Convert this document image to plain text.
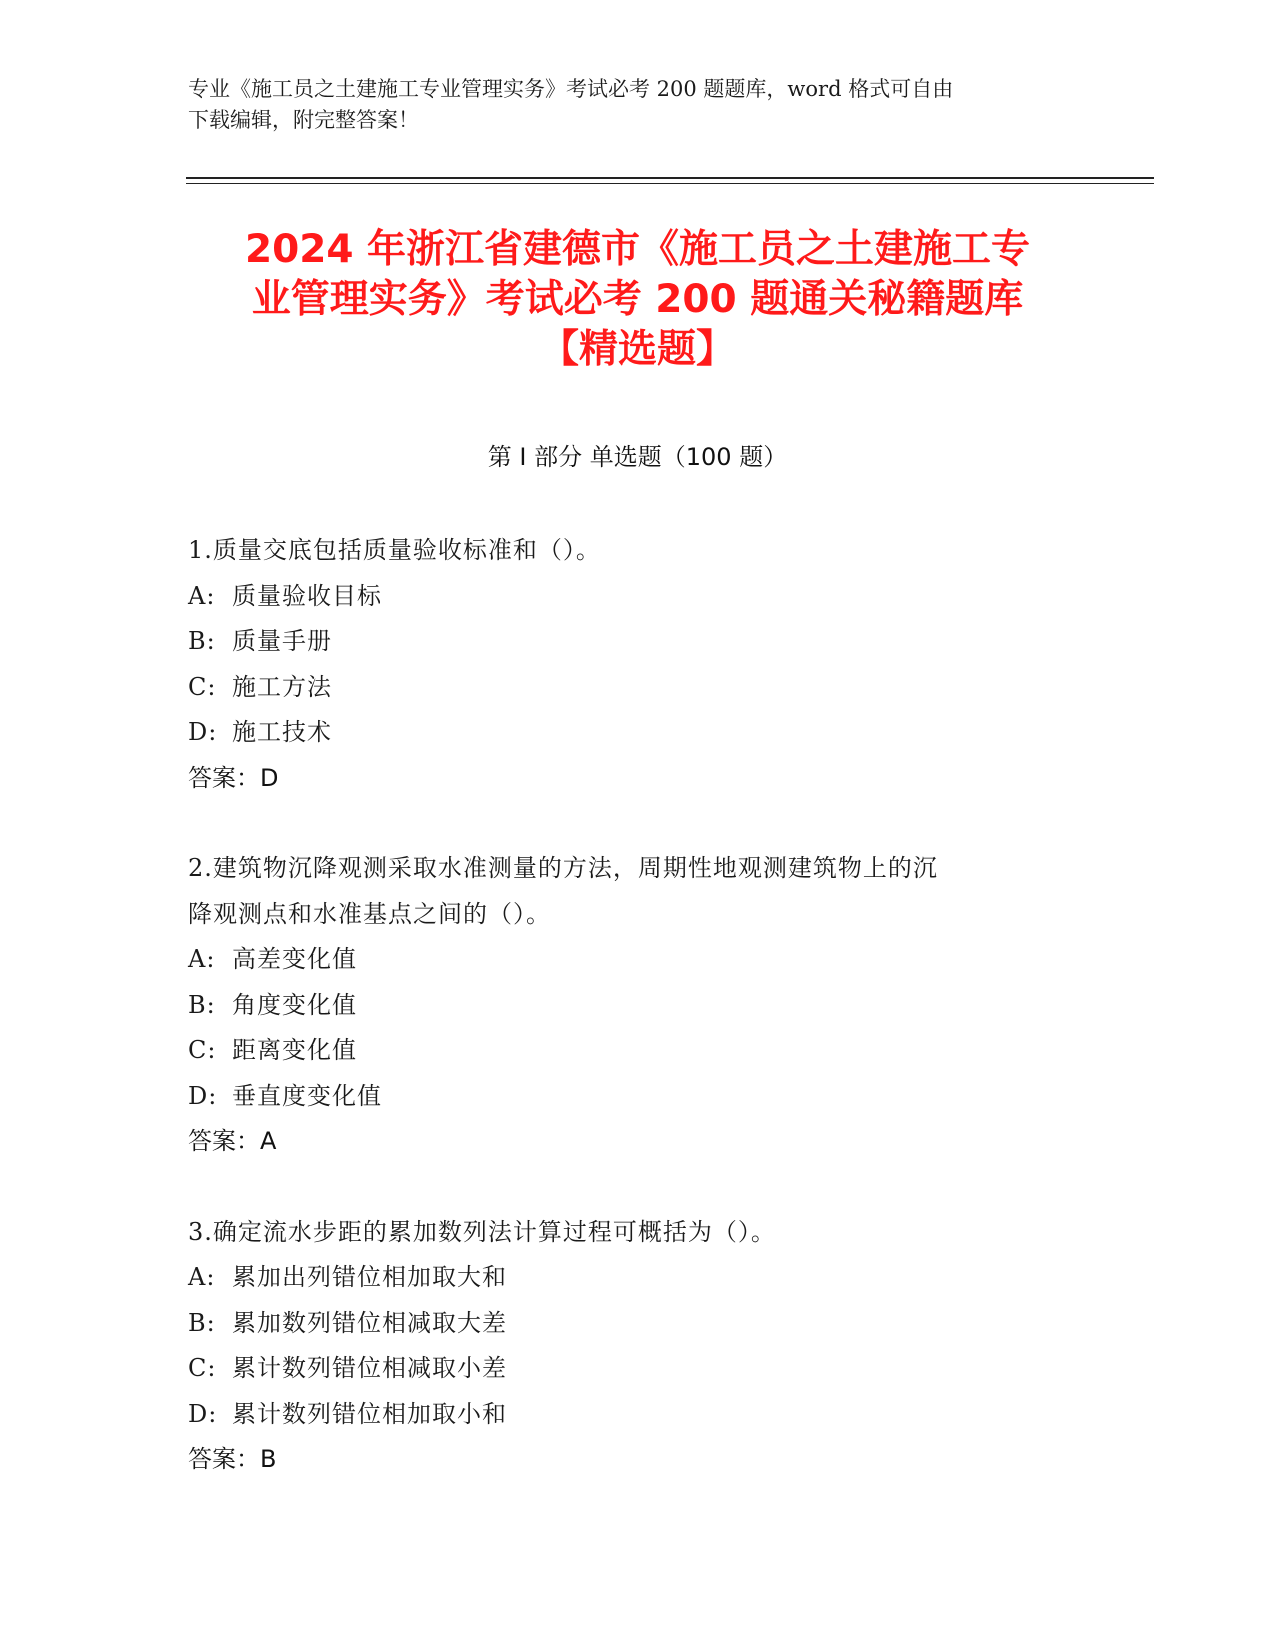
专业《施工员之土建施工专业管理实务》考试必考 200 题题库，word 格式可自由
下载编辑，附完整答案！
2024 年浙江省建德市《施工员之土建施工专
业管理实务》考试必考 200 题通关秘籍题库
【精选题】
第 I 部分 单选题（100 题）
1.质量交底包括质量验收标准和（）。
A: 质量验收目标
B: 质量手册
C: 施工方法
D: 施工技术
答案：D
2.建筑物沉降观测采取水准测量的方法，周期性地观测建筑物上的沉
降观测点和水准基点之间的（）。
A: 高差变化值
B: 角度变化值
C: 距离变化值
D: 垂直度变化值
答案：A
3.确定流水步距的累加数列法计算过程可概括为（）。
A: 累加出列错位相加取大和
B: 累加数列错位相减取大差
C: 累计数列错位相减取小差
D: 累计数列错位相加取小和
答案：B
